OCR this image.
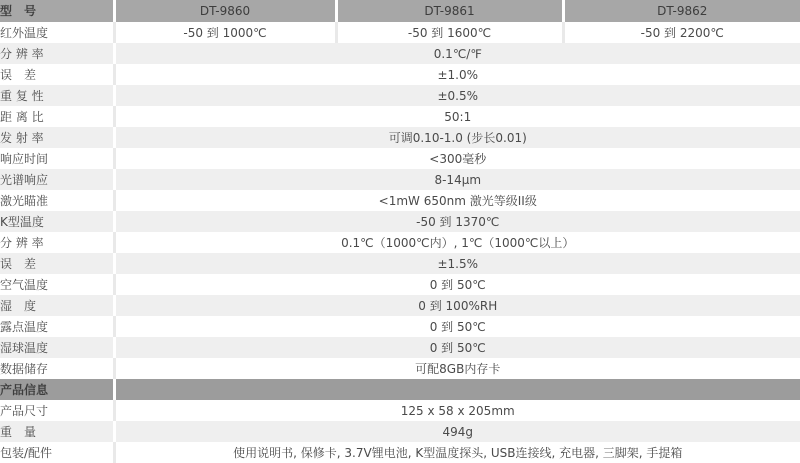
型　号	DT-9860	DT-9861	DT-9862
红外温度	-50 到 1000℃	-50 到 1600℃	-50 到 2200℃
分 辨 率	0.1℃/℉		
误　差	±1.0%		
重 复 性	±0.5%		
距 离 比	50:1		
发 射 率	可调0.10-1.0 (步长0.01)		
响应时间	<300毫秒		
光谱响应	8-14μm		
激光瞄准	<1mW 650nm 激光等级II级		
K型温度	-50 到 1370℃		
分 辨 率	0.1℃（1000℃内）, 1℃（1000℃以上）		
误　差	±1.5%		
空气温度	0 到 50℃		
湿　度	0 到 100%RH		
露点温度	0 到 50℃		
湿球温度	0 到 50℃		
数据储存	可配8GB内存卡		
产品信息			
产品尺寸	125 x 58 x 205mm		
重　量	494g		
包装/配件	使用说明书, 保修卡, 3.7V锂电池, K型温度探头, USB连接线, 充电器, 三脚架, 手提箱		
